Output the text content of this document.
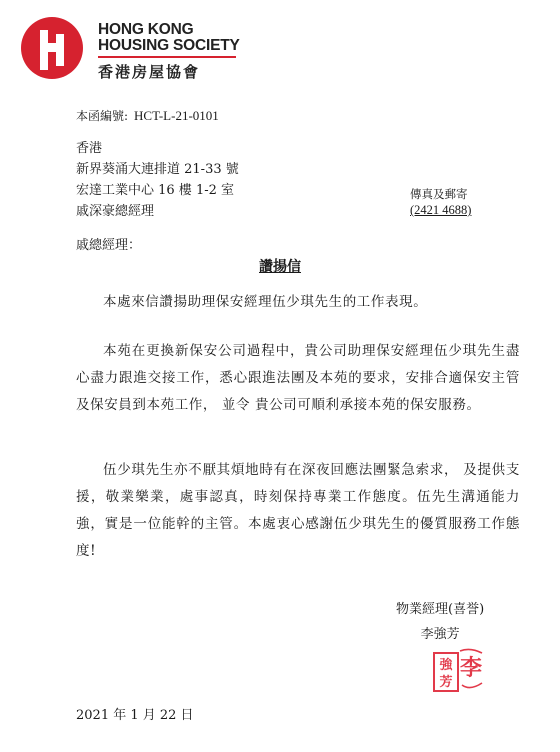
HONG KONG
HOUSING SOCIETY
香港房屋協會
本函編號: HCT-L-21-0101
香港
新界葵涌大連排道 21-33 號
宏達工業中心 16 樓 1-2 室
戚深豪總經理
傳真及郵寄
(2421 4688)
戚總經理：
讚揚信
本處來信讚揚助理保安經理伍少琪先生的工作表現。
本苑在更換新保安公司過程中，貴公司助理保安經理伍少琪先生盡心盡力跟進交接工作，悉心跟進法團及本苑的要求，安排合適保安主管及保安員到本苑工作， 並令 貴公司可順利承接本苑的保安服務。
伍少琪先生亦不厭其煩地時有在深夜回應法團緊急索求， 及提供支援，敬業樂業，處事認真，時刻保持專業工作態度。伍先生溝通能力強，實是一位能幹的主管。本處衷心感謝伍少琪先生的優質服務工作態度!
物業經理(喜誉)
李強芳
強
芳
李
2021 年 1 月 22 日
